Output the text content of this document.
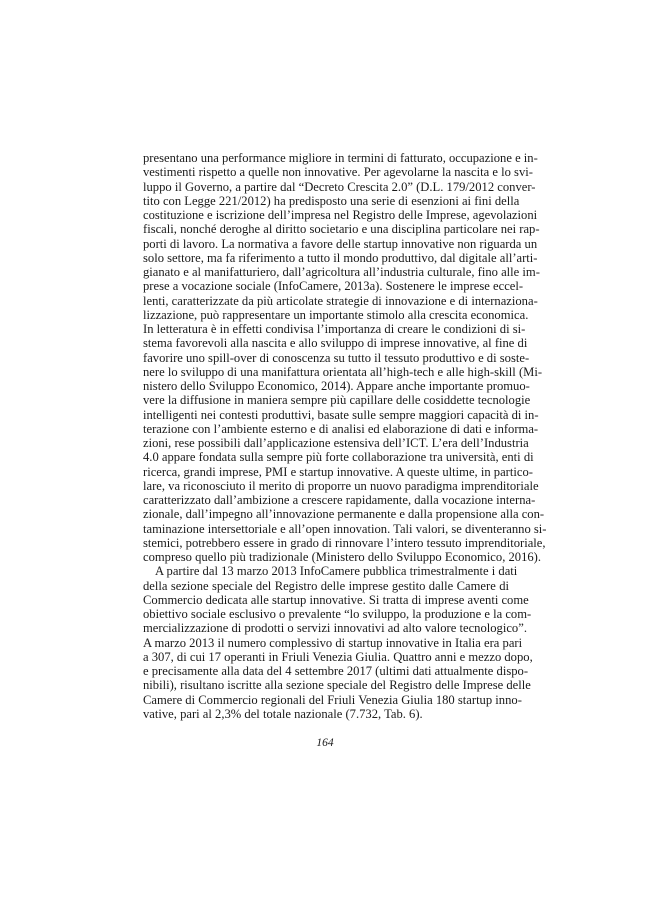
presentano una performance migliore in termini di fatturato, occupazione e in-
vestimenti rispetto a quelle non innovative. Per agevolarne la nascita e lo svi-
luppo il Governo, a partire dal “Decreto Crescita 2.0” (D.L. 179/2012 conver-
tito con Legge 221/2012) ha predisposto una serie di esenzioni ai fini della
costituzione e iscrizione dell’impresa nel Registro delle Imprese, agevolazioni
fiscali, nonché deroghe al diritto societario e una disciplina particolare nei rap-
porti di lavoro. La normativa a favore delle startup innovative non riguarda un
solo settore, ma fa riferimento a tutto il mondo produttivo, dal digitale all’arti-
gianato e al manifatturiero, dall’agricoltura all’industria culturale, fino alle im-
prese a vocazione sociale (InfoCamere, 2013a). Sostenere le imprese eccel-
lenti, caratterizzate da più articolate strategie di innovazione e di internaziona-
lizzazione, può rappresentare un importante stimolo alla crescita economica.
In letteratura è in effetti condivisa l’importanza di creare le condizioni di si-
stema favorevoli alla nascita e allo sviluppo di imprese innovative, al fine di
favorire uno spill-over di conoscenza su tutto il tessuto produttivo e di soste-
nere lo sviluppo di una manifattura orientata all’high-tech e alle high-skill (Mi-
nistero dello Sviluppo Economico, 2014). Appare anche importante promuo-
vere la diffusione in maniera sempre più capillare delle cosiddette tecnologie
intelligenti nei contesti produttivi, basate sulle sempre maggiori capacità di in-
terazione con l’ambiente esterno e di analisi ed elaborazione di dati e informa-
zioni, rese possibili dall’applicazione estensiva dell’ICT. L’era dell’Industria
4.0 appare fondata sulla sempre più forte collaborazione tra università, enti di
ricerca, grandi imprese, PMI e startup innovative. A queste ultime, in partico-
lare, va riconosciuto il merito di proporre un nuovo paradigma imprenditoriale
caratterizzato dall’ambizione a crescere rapidamente, dalla vocazione interna-
zionale, dall’impegno all’innovazione permanente e dalla propensione alla con-
taminazione intersettoriale e all’open innovation. Tali valori, se diventeranno si-
stemici, potrebbero essere in grado di rinnovare l’intero tessuto imprenditoriale,
compreso quello più tradizionale (Ministero dello Sviluppo Economico, 2016).
A partire dal 13 marzo 2013 InfoCamere pubblica trimestralmente i dati
della sezione speciale del Registro delle imprese gestito dalle Camere di
Commercio dedicata alle startup innovative. Si tratta di imprese aventi come
obiettivo sociale esclusivo o prevalente “lo sviluppo, la produzione e la com-
mercializzazione di prodotti o servizi innovativi ad alto valore tecnologico”.
A marzo 2013 il numero complessivo di startup innovative in Italia era pari
a 307, di cui 17 operanti in Friuli Venezia Giulia. Quattro anni e mezzo dopo,
e precisamente alla data del 4 settembre 2017 (ultimi dati attualmente dispo-
nibili), risultano iscritte alla sezione speciale del Registro delle Imprese delle
Camere di Commercio regionali del Friuli Venezia Giulia 180 startup inno-
vative, pari al 2,3% del totale nazionale (7.732, Tab. 6).
164
